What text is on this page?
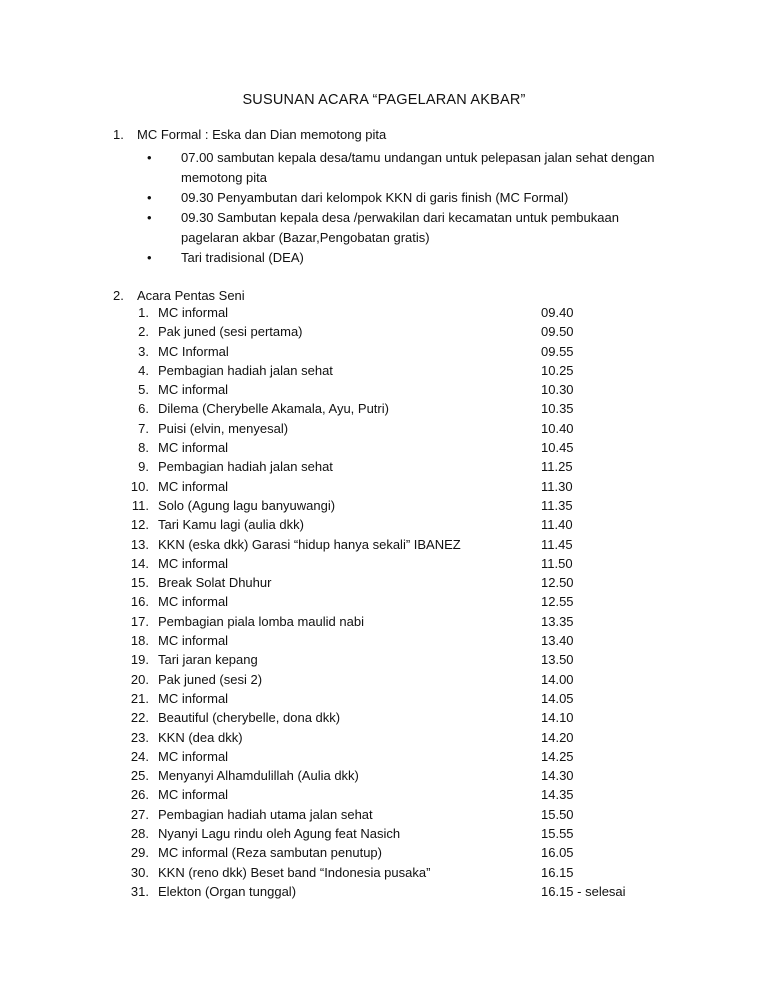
SUSUNAN ACARA “PAGELARAN AKBAR”
1. MC Formal : Eska dan Dian memotong pita
• 07.00 sambutan kepala desa/tamu undangan untuk pelepasan jalan sehat dengan memotong pita
• 09.30 Penyambutan dari kelompok KKN di garis finish (MC Formal)
• 09.30 Sambutan kepala desa /perwakilan dari kecamatan untuk pembukaan pagelaran akbar (Bazar,Pengobatan gratis)
• Tari tradisional (DEA)
2. Acara Pentas Seni
1. MC informal	09.40
2. Pak juned (sesi pertama)	09.50
3. MC Informal	09.55
4. Pembagian hadiah jalan sehat	10.25
5. MC informal	10.30
6. Dilema (Cherybelle Akamala, Ayu, Putri)	10.35
7. Puisi (elvin, menyesal)	10.40
8. MC informal	10.45
9. Pembagian hadiah jalan sehat	11.25
10. MC informal	11.30
11. Solo (Agung lagu banyuwangi)	11.35
12. Tari Kamu lagi (aulia dkk)	11.40
13. KKN (eska dkk) Garasi “hidup hanya sekali” IBANEZ	11.45
14. MC informal	11.50
15. Break Solat Dhuhur	12.50
16. MC informal	12.55
17. Pembagian piala lomba maulid nabi	13.35
18. MC informal	13.40
19. Tari jaran kepang	13.50
20. Pak juned (sesi 2)	14.00
21. MC informal	14.05
22. Beautiful (cherybelle, dona dkk)	14.10
23. KKN (dea dkk)	14.20
24. MC informal	14.25
25. Menyanyi Alhamdulillah (Aulia dkk)	14.30
26. MC informal	14.35
27. Pembagian hadiah utama jalan sehat	15.50
28. Nyanyi Lagu rindu oleh Agung feat Nasich	15.55
29. MC informal (Reza sambutan penutup)	16.05
30. KKN (reno dkk) Beset band “Indonesia pusaka”	16.15
31. Elekton (Organ tunggal)	16.15 - selesai
